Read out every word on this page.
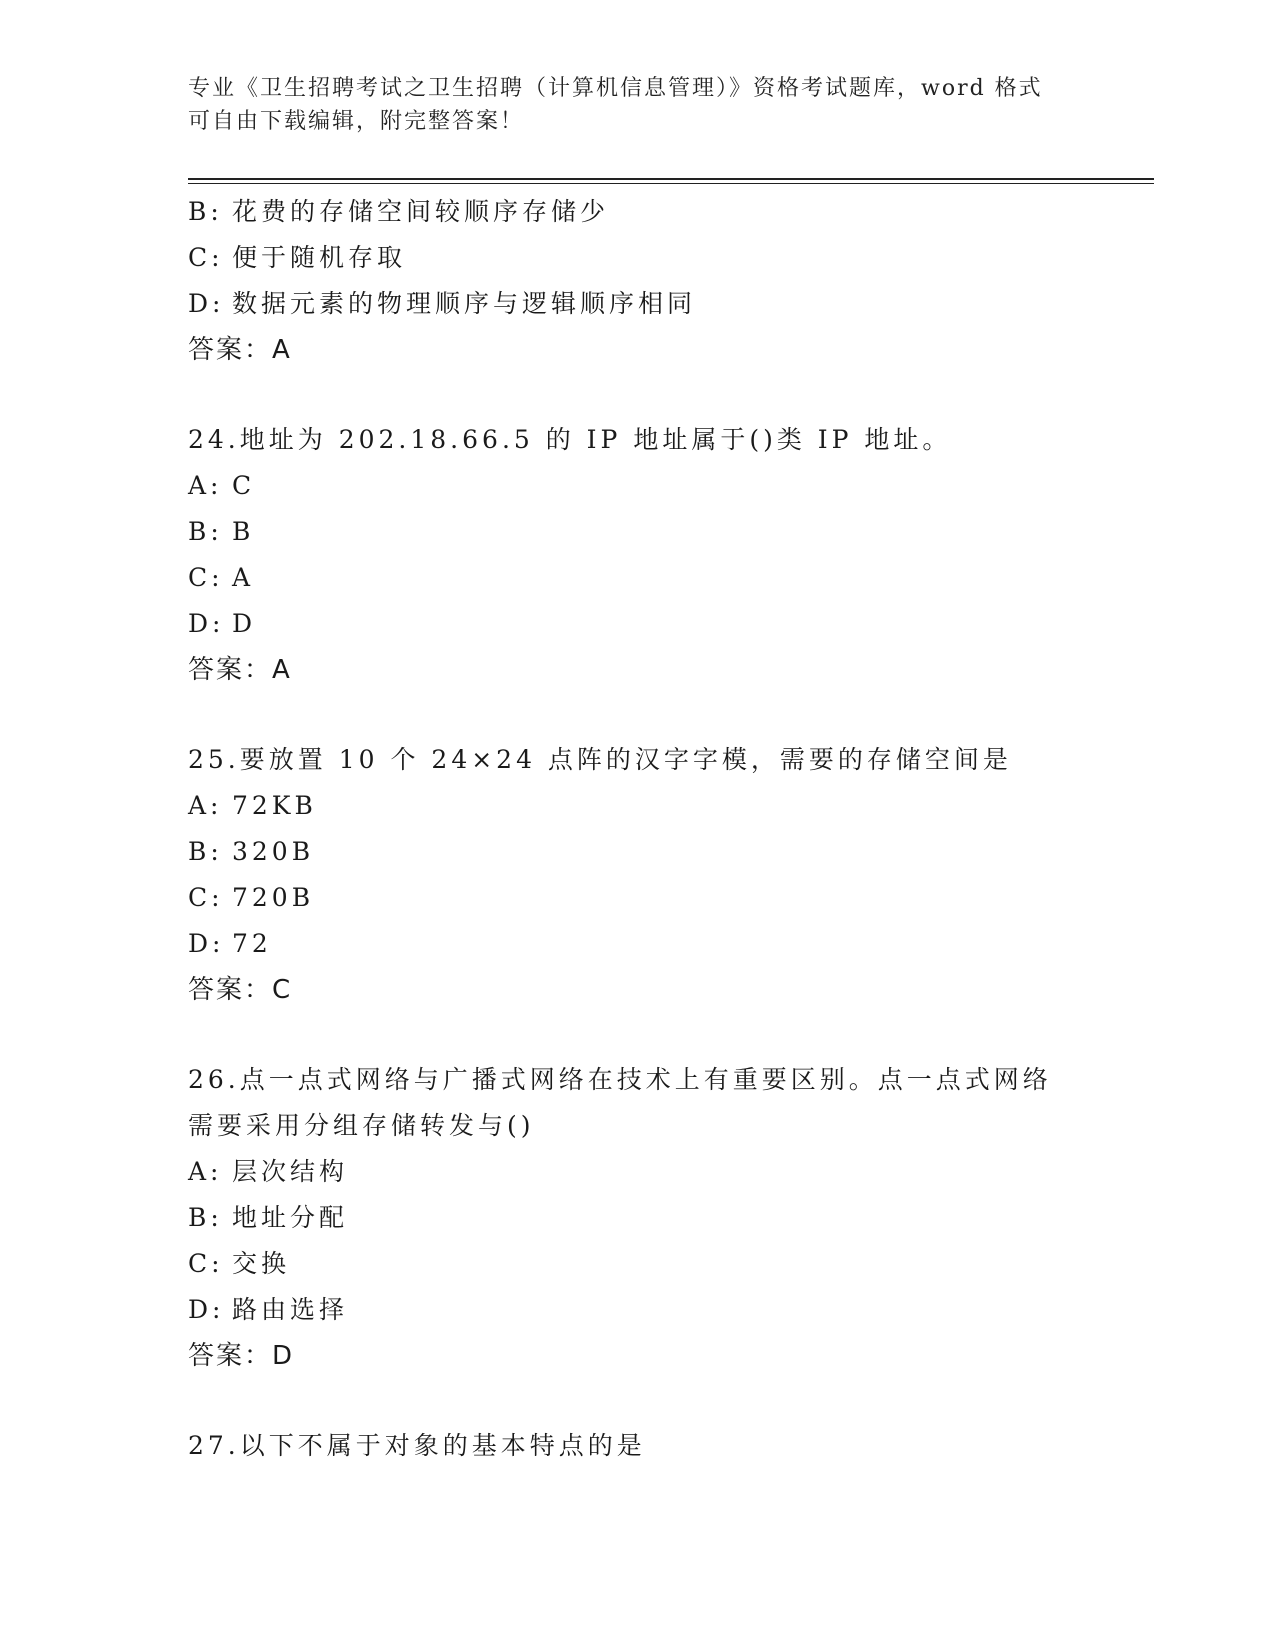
专业《卫生招聘考试之卫生招聘（计算机信息管理）》资格考试题库，word 格式
可自由下载编辑，附完整答案！
B: 花费的存储空间较顺序存储少
C: 便于随机存取
D: 数据元素的物理顺序与逻辑顺序相同
答案：A
24.地址为 202.18.66.5 的 IP 地址属于()类 IP 地址。
A: C
B: B
C: A
D: D
答案：A
25.要放置 10 个 24×24 点阵的汉字字模，需要的存储空间是
A: 72KB
B: 320B
C: 720B
D: 72
答案：C
26.点一点式网络与广播式网络在技术上有重要区别。点一点式网络需要采用分组存储转发与()
A: 层次结构
B: 地址分配
C: 交换
D: 路由选择
答案：D
27.以下不属于对象的基本特点的是
